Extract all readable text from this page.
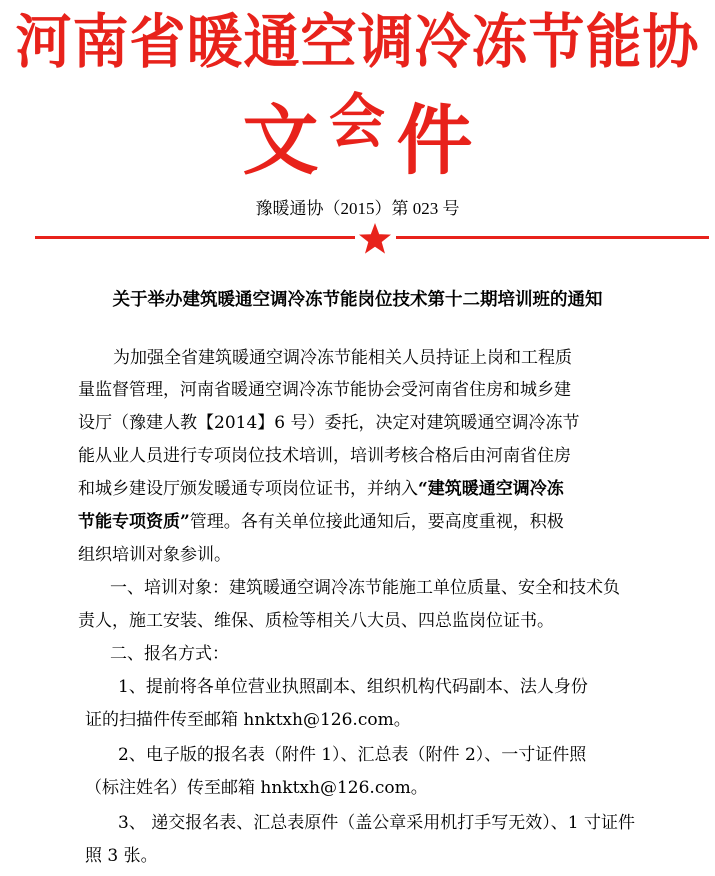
河南省暖通空调冷冻节能协会
文 件
豫暖通协（2015）第 023 号
关于举办建筑暖通空调冷冻节能岗位技术第十二期培训班的通知
为加强全省建筑暖通空调冷冻节能相关人员持证上岗和工程质
量监督管理，河南省暖通空调冷冻节能协会受河南省住房和城乡建
设厅（豫建人教【2014】6 号）委托，决定对建筑暖通空调冷冻节
能从业人员进行专项岗位技术培训，培训考核合格后由河南省住房
和城乡建设厅颁发暖通专项岗位证书，并纳入“建筑暖通空调冷冻
节能专项资质”管理。各有关单位接此通知后，要高度重视，积极
组织培训对象参训。
一、培训对象：建筑暖通空调冷冻节能施工单位质量、安全和技术负
责人，施工安装、维保、质检等相关八大员、四总监岗位证书。
二、报名方式：
1、提前将各单位营业执照副本、组织机构代码副本、法人身份
证的扫描件传至邮箱 hnktxh@126.com。
2、电子版的报名表（附件 1）、汇总表（附件 2）、一寸证件照
（标注姓名）传至邮箱 hnktxh@126.com。
3、 递交报名表、汇总表原件（盖公章采用机打手写无效）、1 寸证件
照 3 张。
